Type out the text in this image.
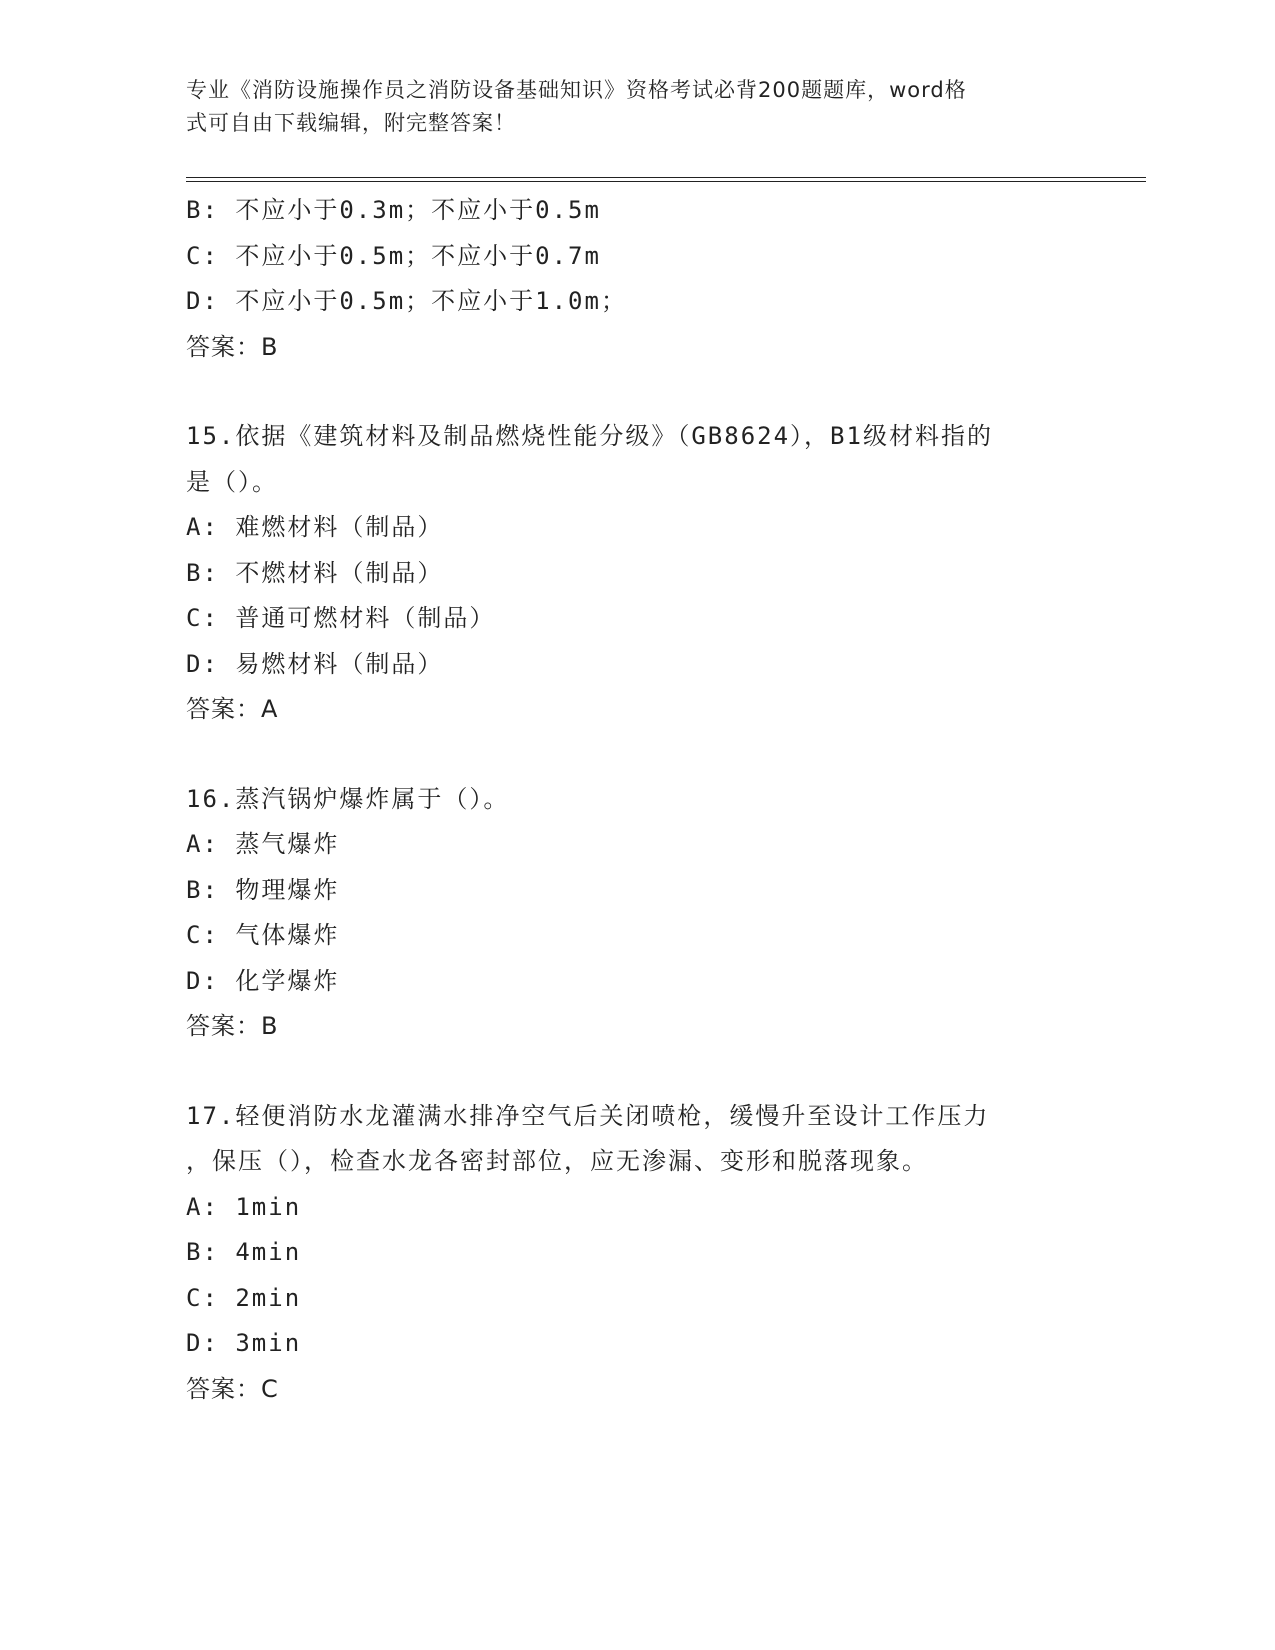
专业《消防设施操作员之消防设备基础知识》资格考试必背200题题库，word格
式可自由下载编辑，附完整答案！
B: 不应小于0.3m；不应小于0.5m
C: 不应小于0.5m；不应小于0.7m
D: 不应小于0.5m；不应小于1.0m；
答案：B
15.依据《建筑材料及制品燃烧性能分级》（GB8624），B1级材料指的
是（）。
A: 难燃材料（制品）
B: 不燃材料（制品）
C: 普通可燃材料（制品）
D: 易燃材料（制品）
答案：A
16.蒸汽锅炉爆炸属于（）。
A: 蒸气爆炸
B: 物理爆炸
C: 气体爆炸
D: 化学爆炸
答案：B
17.轻便消防水龙灌满水排净空气后关闭喷枪，缓慢升至设计工作压力
，保压（），检查水龙各密封部位，应无渗漏、变形和脱落现象。
A: 1min
B: 4min
C: 2min
D: 3min
答案：C
